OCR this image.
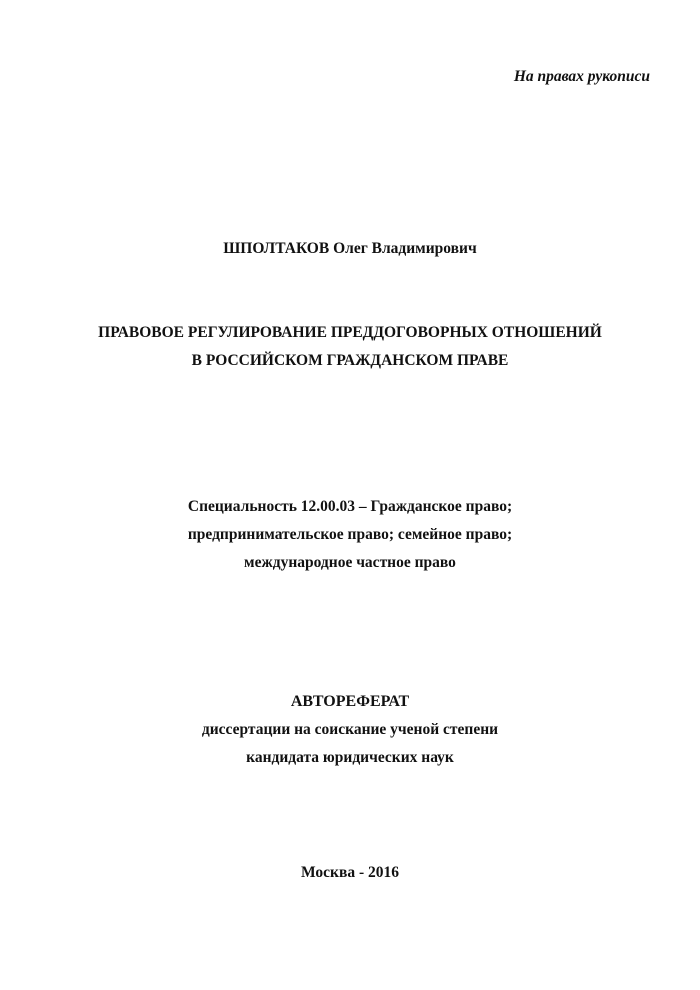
На правах рукописи
ШПОЛТАКОВ Олег Владимирович
ПРАВОВОЕ РЕГУЛИРОВАНИЕ ПРЕДДОГОВОРНЫХ ОТНОШЕНИЙ
В РОССИЙСКОМ ГРАЖДАНСКОМ ПРАВЕ
Специальность 12.00.03 – Гражданское право;
предпринимательское право; семейное право;
международное частное право
АВТОРЕФЕРАТ
диссертации на соискание ученой степени
кандидата юридических наук
Москва - 2016
